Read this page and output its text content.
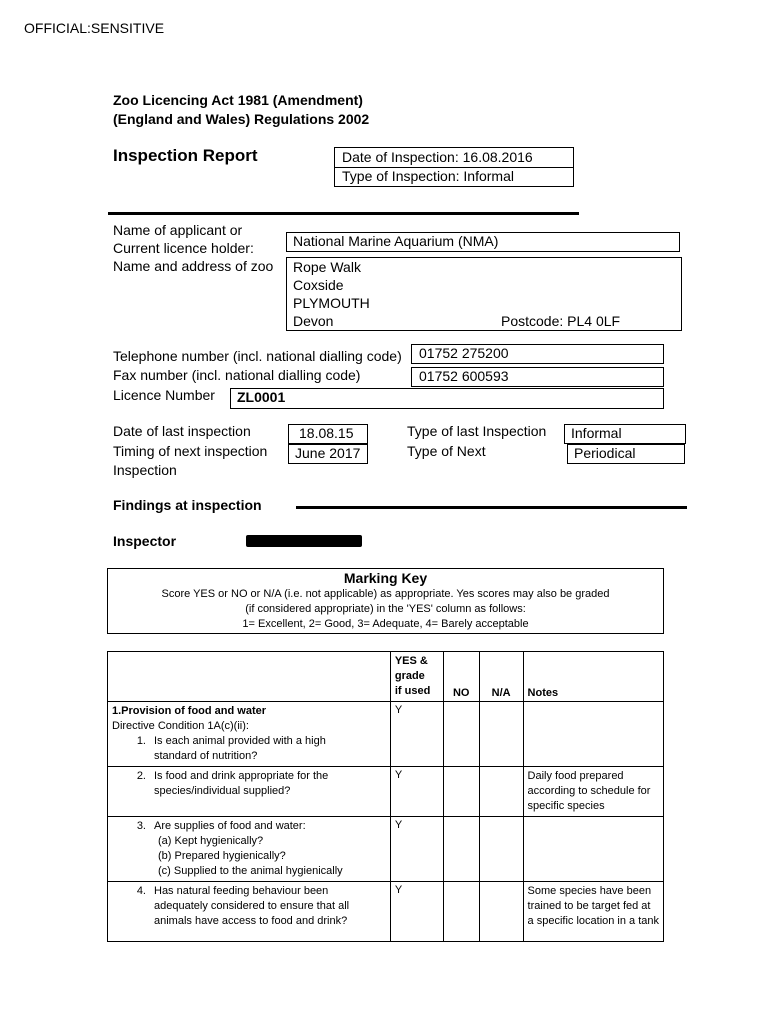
OFFICIAL:SENSITIVE
Zoo Licencing Act 1981 (Amendment)
(England and Wales) Regulations 2002
Inspection Report	Date of Inspection: 16.08.2016
Type of Inspection: Informal
Name of applicant or
Current licence holder:	National Marine Aquarium (NMA)
Name and address of zoo Rope Walk
Coxside
PLYMOUTH
Devon	Postcode: PL4 0LF
Telephone number (incl. national dialling code) 01752 275200
Fax number (incl. national dialling code)	01752 600593
Licence Number ZL0001
Date of last inspection	18.08.15
Timing of next inspection
Inspection
June 2017
Type of last Inspection Informal
Type of Next	Periodical
Findings at inspection
Inspector
Marking Key
Score YES or NO or N/A (i.e. not applicable) as appropriate. Yes scores may also be graded
(if considered appropriate) in the 'YES' column as follows:
1= Excellent, 2= Good, 3= Adequate, 4= Barely acceptable

	YES &
grade
if used	NO	N/A	Notes

1.Provision of food and water
Directive Condition 1A(c)(ii):
1. Is each animal provided with a high standard of nutrition?	Y			

2. Is food and drink appropriate for the species/individual supplied?	Y			Daily food prepared according to schedule for specific species

3. Are supplies of food and water:
(a) Kept hygienically?
(b) Prepared hygienically?
(c) Supplied to the animal hygienically	Y			

4. Has natural feeding behaviour been adequately considered to ensure that all animals have access to food and drink?	Y			Some species have been trained to be target fed at a specific location in a tank
